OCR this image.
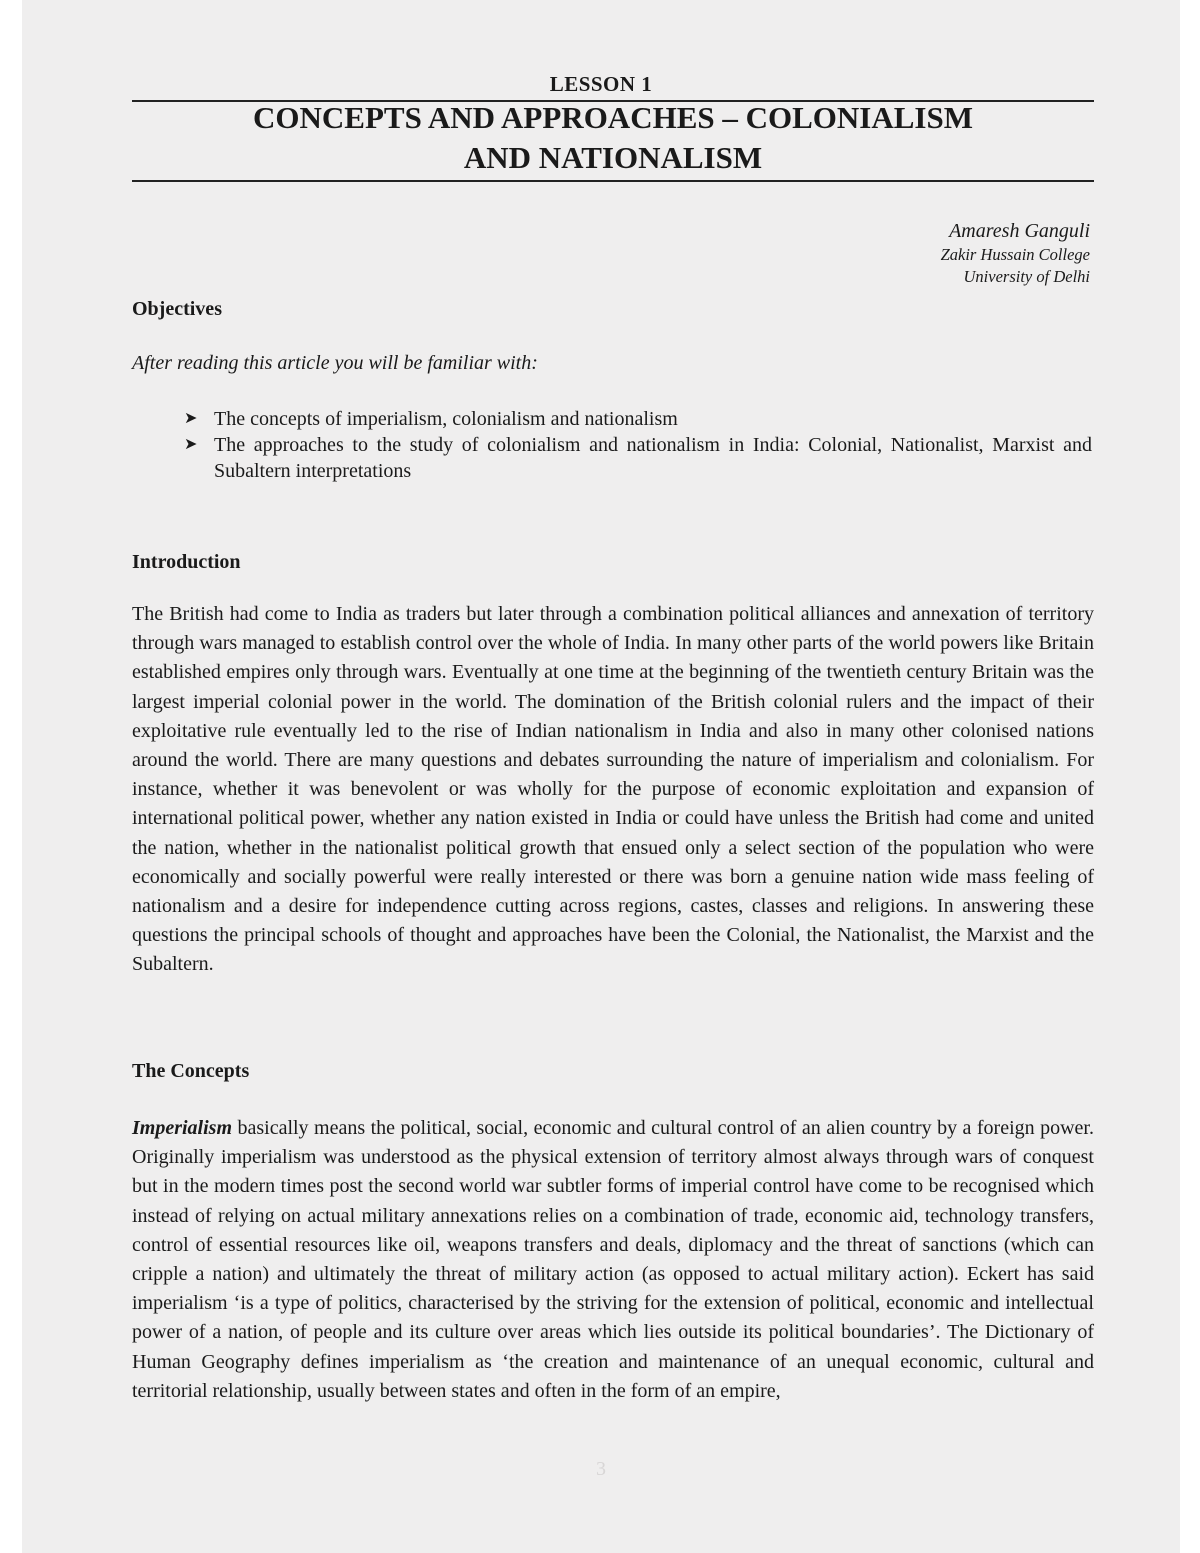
LESSON 1
CONCEPTS AND APPROACHES – COLONIALISM
AND NATIONALISM
Amaresh Ganguli
Zakir Hussain College
University of Delhi
Objectives
After reading this article you will be familiar with:
➤ The concepts of imperialism, colonialism and nationalism
➤ The approaches to the study of colonialism and nationalism in India: Colonial, Nationalist, Marxist and Subaltern interpretations
Introduction

The British had come to India as traders but later through a combination political alliances and annexation of territory through wars managed to establish control over the whole of India. In many other parts of the world powers like Britain established empires only through wars. Eventually at one time at the beginning of the twentieth century Britain was the largest imperial colonial power in the world. The domination of the British colonial rulers and the impact of their exploitative rule eventually led to the rise of Indian nationalism in India and also in many other colonised nations around the world. There are many questions and debates surrounding the nature of imperialism and colonialism. For instance, whether it was benevolent or was wholly for the purpose of economic exploitation and expansion of international political power, whether any nation existed in India or could have unless the British had come and united the nation, whether in the nationalist political growth that ensued only a select section of the population who were economically and socially powerful were really interested or there was born a genuine nation wide mass feeling of nationalism and a desire for independence cutting across regions, castes, classes and religions. In answering these questions the principal schools of thought and approaches have been the Colonial, the Nationalist, the Marxist and the Subaltern.

The Concepts

Imperialism basically means the political, social, economic and cultural control of an alien country by a foreign power. Originally imperialism was understood as the physical extension of territory almost always through wars of conquest but in the modern times post the second world war subtler forms of imperial control have come to be recognised which instead of relying on actual military annexations relies on a combination of trade, economic aid, technology transfers, control of essential resources like oil, weapons transfers and deals, diplomacy and the threat of sanctions (which can cripple a nation) and ultimately the threat of military action (as opposed to actual military action). Eckert has said imperialism ‘is a type of politics, characterised by the striving for the extension of political, economic and intellectual power of a nation, of people and its culture over areas which lies outside its political boundaries’. The Dictionary of Human Geography defines imperialism as ‘the creation and maintenance of an unequal economic, cultural and territorial relationship, usually between states and often in the form of an empire,

3
